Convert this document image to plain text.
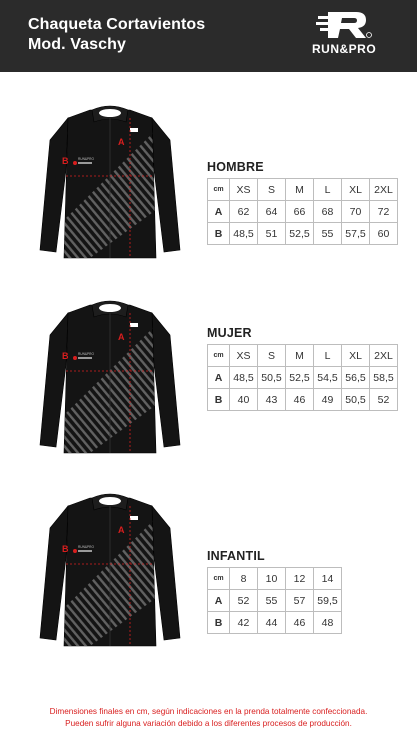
Chaqueta Cortavientos
Mod. Vaschy	RUN&PRO
A
B	RUN&PRO
A
B	RUN&PRO
A
B	RUN&PRO
HOMBRE
cm	XS	S	M	L	XL	2XL
A	62	64	66	68	70	72
B	48,5	51	52,5	55	57,5	60
MUJER
cm	XS	S	M	L	XL	2XL
A	48,5	50,5	52,5	54,5	56,5	58,5
B	40	43	46	49	50,5	52
INFANTIL
cm	8	10	12	14
A	52	55	57	59,5
B	42	44	46	48
Dimensiones finales en cm, según indicaciones en la prenda totalmente confeccionada.
Pueden sufrir alguna variación debido a los diferentes procesos de producción.
